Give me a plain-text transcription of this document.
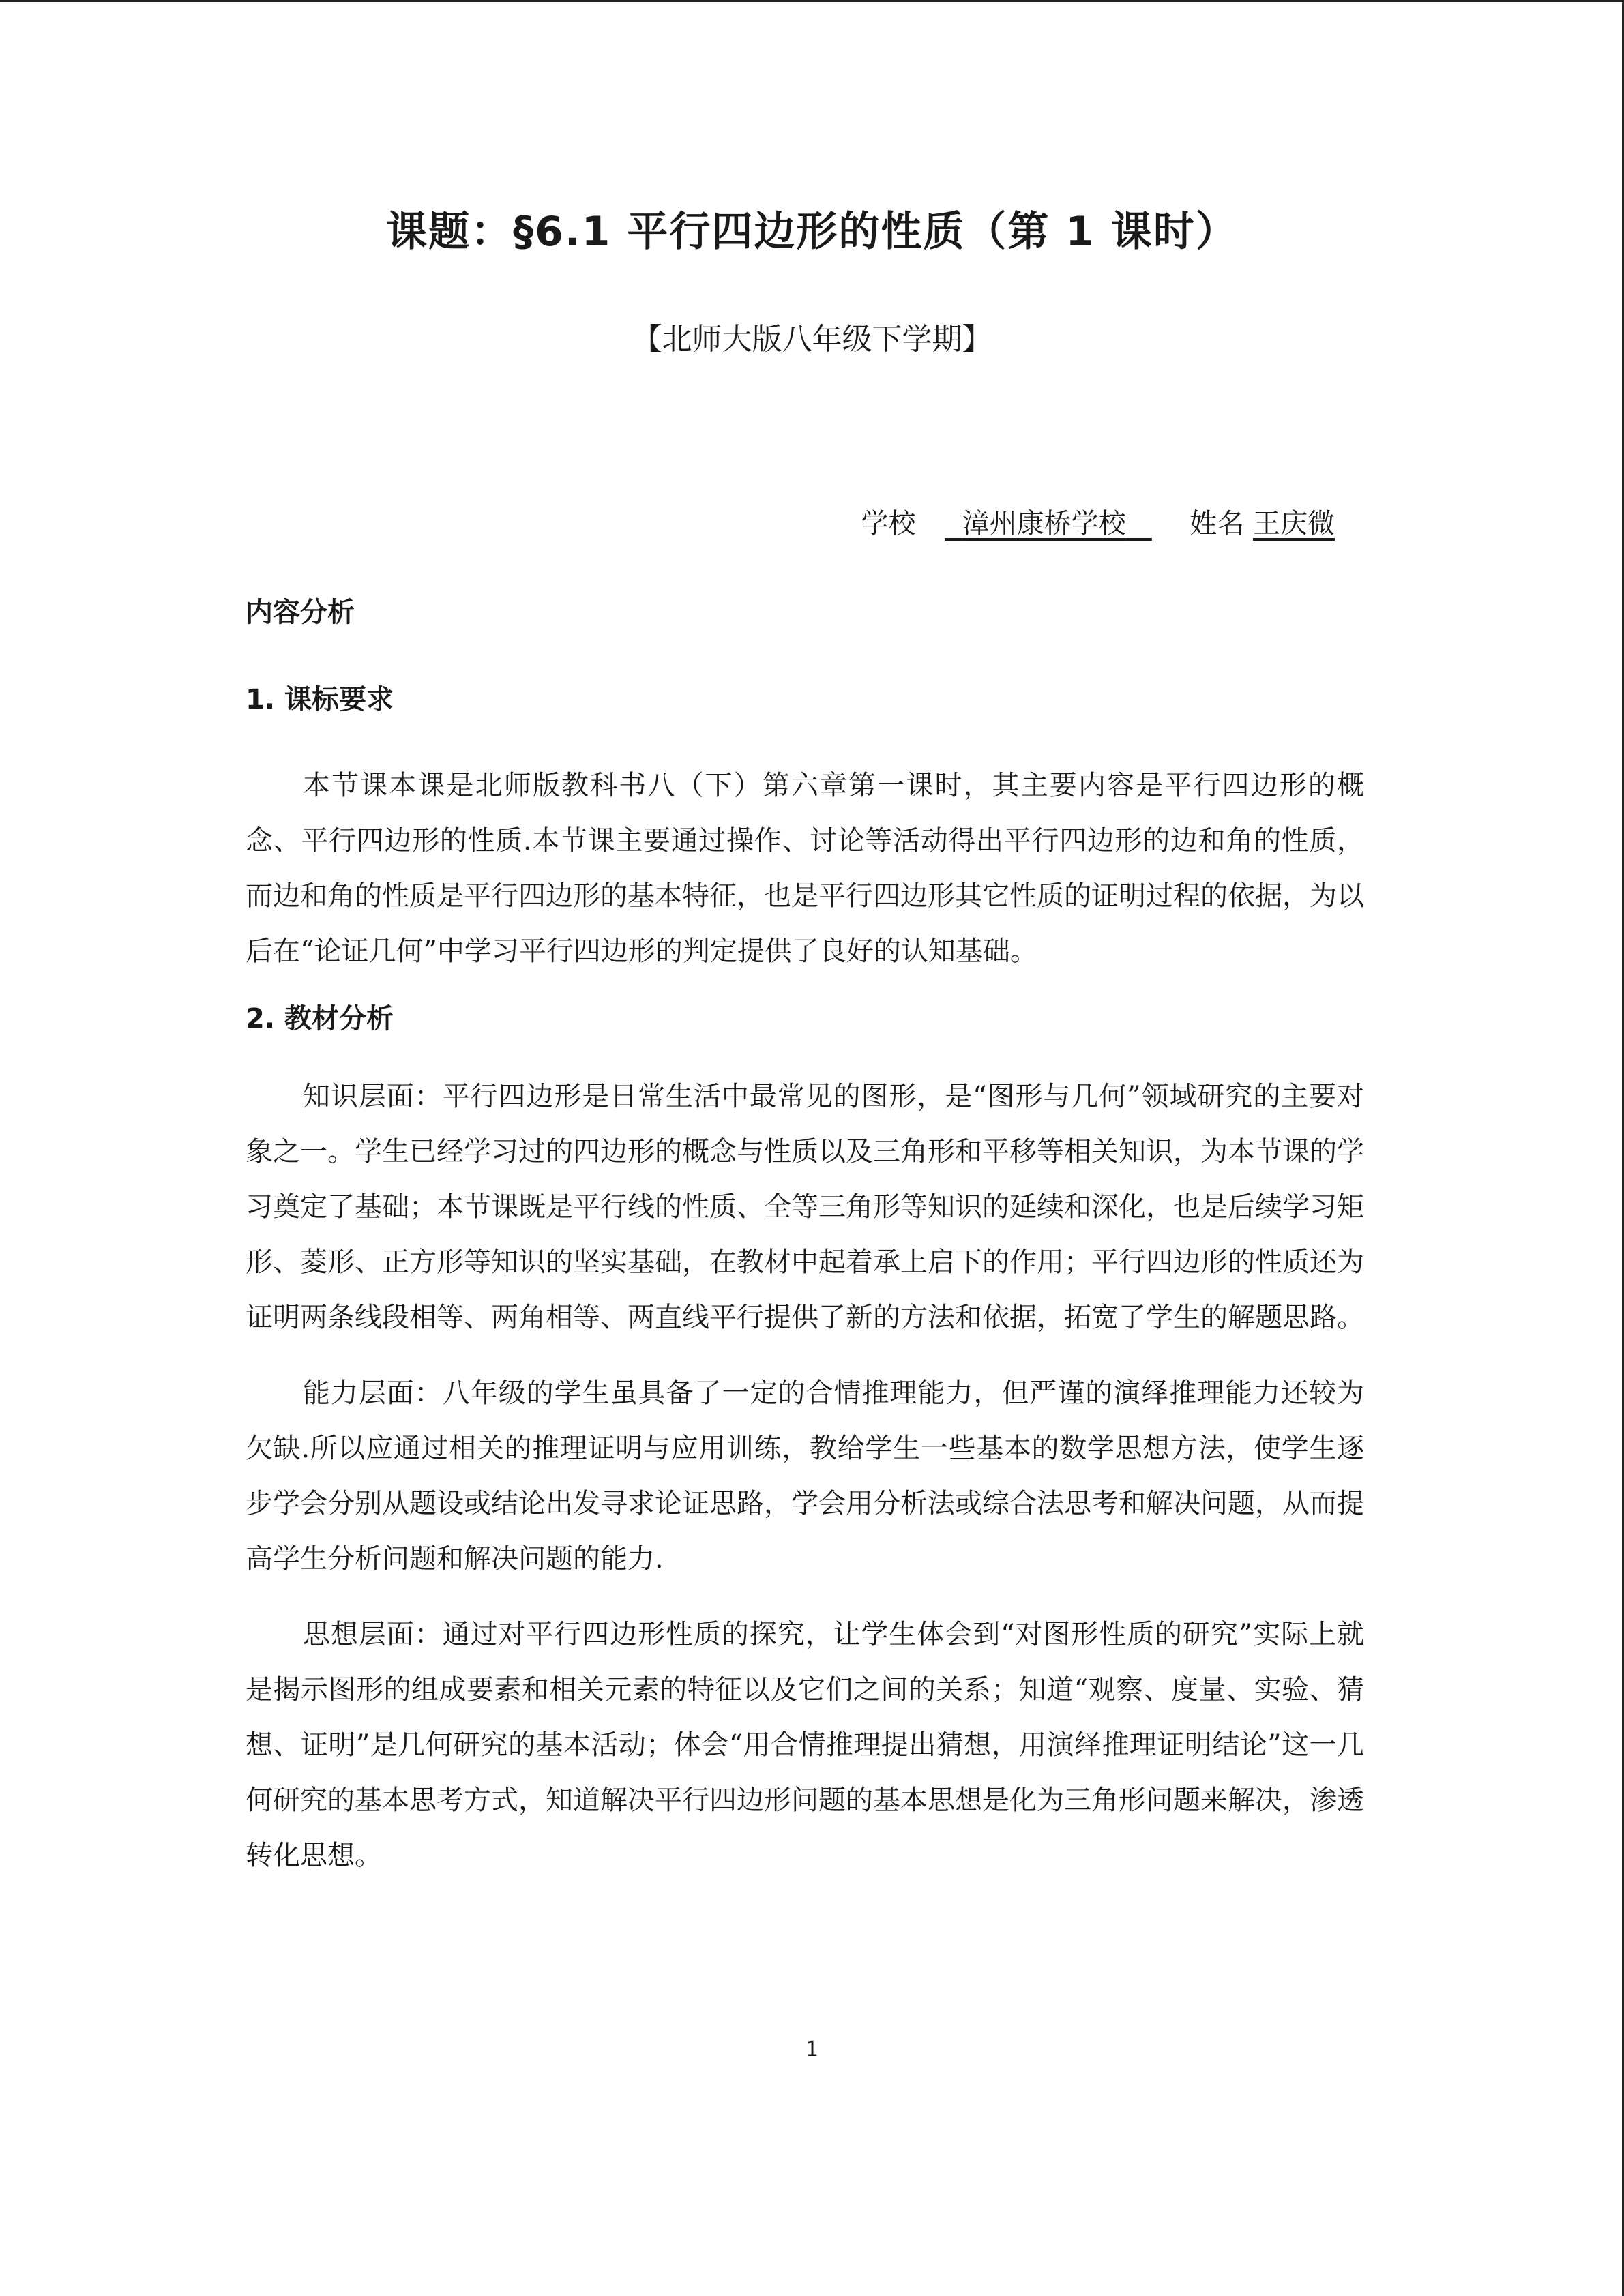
课题：§6.1 平行四边形的性质（第 1 课时）
【北师大版八年级下学期】
学校 漳州康桥学校 姓名 王庆微
内容分析
1. 课标要求

本节课本课是北师版教科书八（下）第六章第一课时，其主要内容是平行四边形的概念、平行四边形的性质.本节课主要通过操作、讨论等活动得出平行四边形的边和角的性质，而边和角的性质是平行四边形的基本特征，也是平行四边形其它性质的证明过程的依据，为以后在“论证几何”中学习平行四边形的判定提供了良好的认知基础。

2. 教材分析

知识层面：平行四边形是日常生活中最常见的图形，是“图形与几何”领域研究的主要对象之一。学生已经学习过的四边形的概念与性质以及三角形和平移等相关知识，为本节课的学习奠定了基础；本节课既是平行线的性质、全等三角形等知识的延续和深化，也是后续学习矩形、菱形、正方形等知识的坚实基础，在教材中起着承上启下的作用；平行四边形的性质还为证明两条线段相等、两角相等、两直线平行提供了新的方法和依据，拓宽了学生的解题思路。

能力层面：八年级的学生虽具备了一定的合情推理能力，但严谨的演绎推理能力还较为欠缺.所以应通过相关的推理证明与应用训练，教给学生一些基本的数学思想方法，使学生逐步学会分别从题设或结论出发寻求论证思路，学会用分析法或综合法思考和解决问题，从而提高学生分析问题和解决问题的能力.

思想层面：通过对平行四边形性质的探究，让学生体会到“对图形性质的研究”实际上就是揭示图形的组成要素和相关元素的特征以及它们之间的关系；知道“观察、度量、实验、猜想、证明”是几何研究的基本活动；体会“用合情推理提出猜想，用演绎推理证明结论”这一几何研究的基本思考方式，知道解决平行四边形问题的基本思想是化为三角形问题来解决，渗透转化思想。

1
